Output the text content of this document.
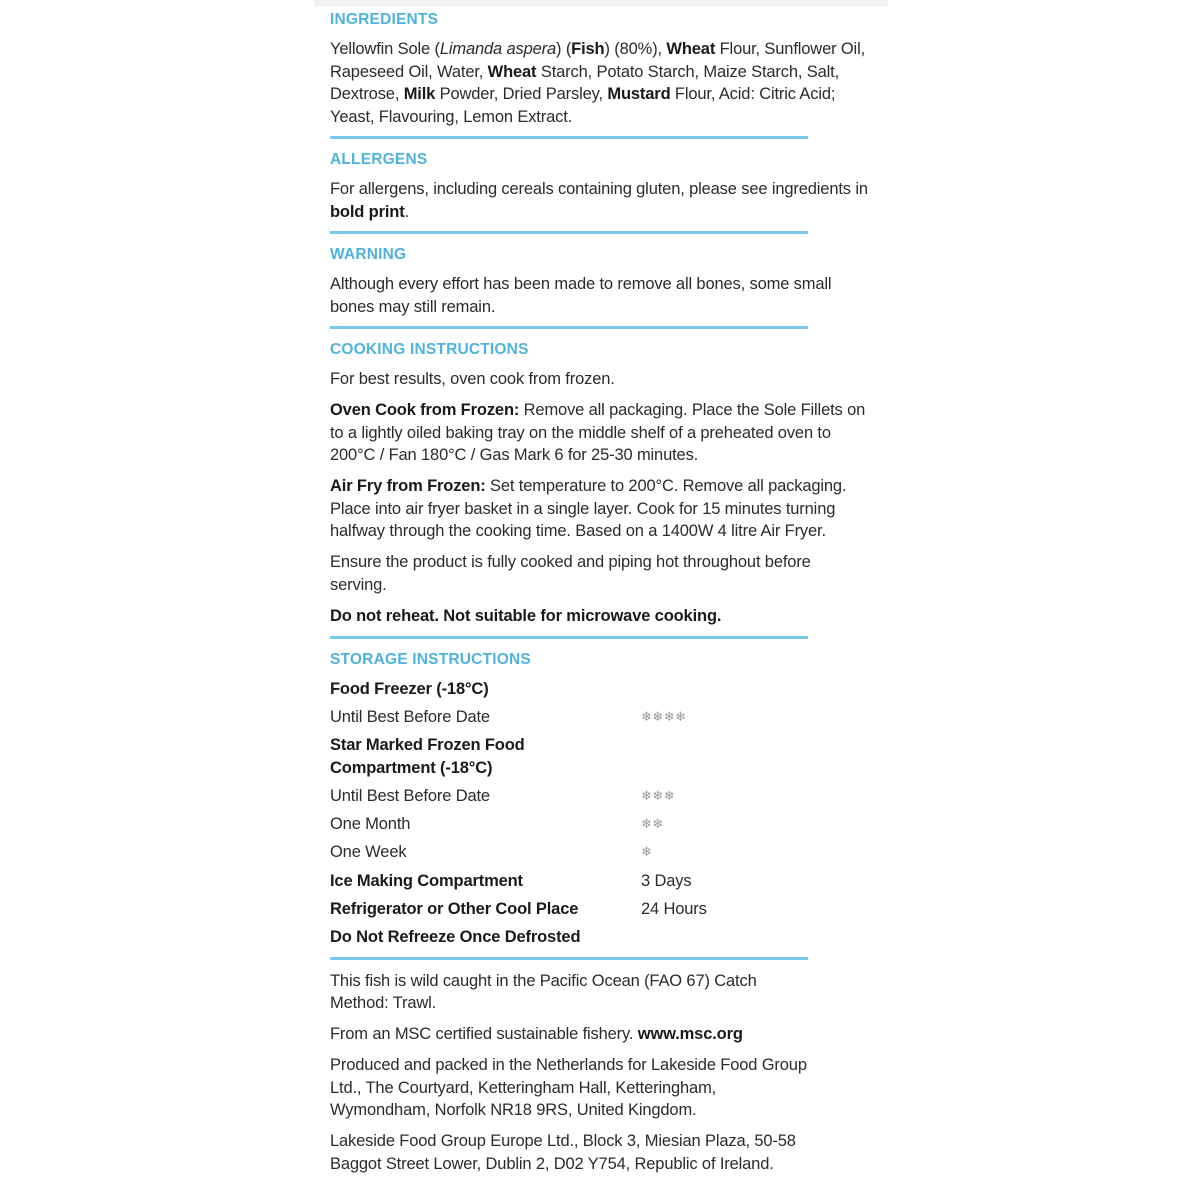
INGREDIENTS

Yellowfin Sole (Limanda aspera) (Fish) (80%), Wheat Flour, Sunflower Oil, Rapeseed Oil, Water, Wheat Starch, Potato Starch, Maize Starch, Salt, Dextrose, Milk Powder, Dried Parsley, Mustard Flour, Acid: Citric Acid; Yeast, Flavouring, Lemon Extract.

ALLERGENS

For allergens, including cereals containing gluten, please see ingredients in bold print.

WARNING

Although every effort has been made to remove all bones, some small bones may still remain.

COOKING INSTRUCTIONS

For best results, oven cook from frozen.

Oven Cook from Frozen: Remove all packaging. Place the Sole Fillets on to a lightly oiled baking tray on the middle shelf of a preheated oven to 200°C / Fan 180°C / Gas Mark 6 for 25-30 minutes.

Air Fry from Frozen: Set temperature to 200°C. Remove all packaging. Place into air fryer basket in a single layer. Cook for 15 minutes turning halfway through the cooking time. Based on a 1400W 4 litre Air Fryer.

Ensure the product is fully cooked and piping hot throughout before serving.

Do not reheat. Not suitable for microwave cooking.

STORAGE INSTRUCTIONS
Food Freezer (-18°C)
Until Best Before Date	❄❄❄❄
Star Marked Frozen Food Compartment (-18°C)
Until Best Before Date	❄❄❄
One Month	❄❄
One Week	❄
Ice Making Compartment	3 Days
Refrigerator or Other Cool Place	24 Hours
Do Not Refreeze Once Defrosted

This fish is wild caught in the Pacific Ocean (FAO 67) Catch Method: Trawl.

From an MSC certified sustainable fishery. www.msc.org

Produced and packed in the Netherlands for Lakeside Food Group Ltd., The Courtyard, Ketteringham Hall, Ketteringham, Wymondham, Norfolk NR18 9RS, United Kingdom.

Lakeside Food Group Europe Ltd., Block 3, Miesian Plaza, 50-58 Baggot Street Lower, Dublin 2, D02 Y754, Republic of Ireland.
